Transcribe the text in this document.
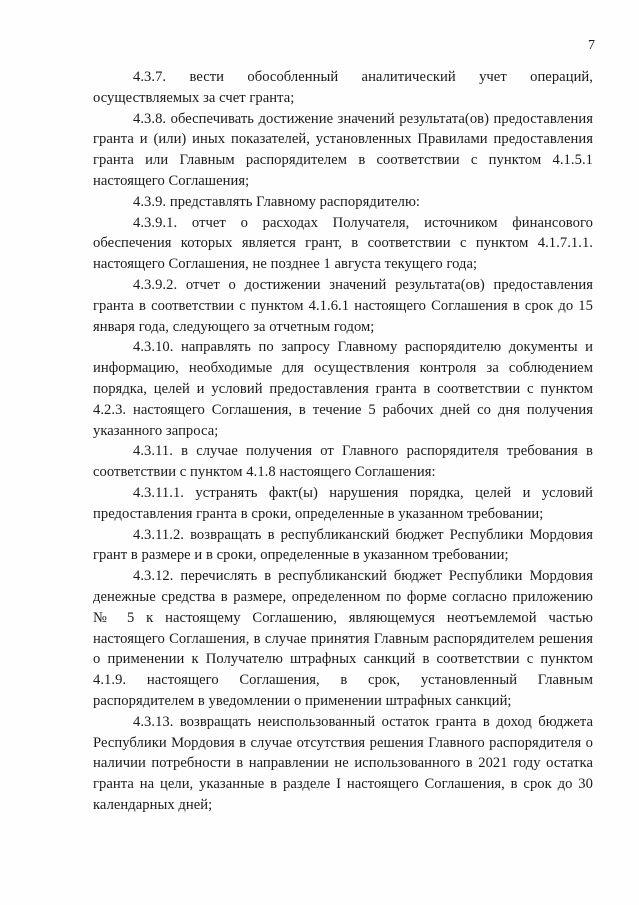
7

4.3.7. вести обособленный аналитический учет операций, осуществляемых за счет гранта;

4.3.8. обеспечивать достижение значений результата(ов) предоставления гранта и (или) иных показателей, установленных Правилами предоставления гранта или Главным распорядителем в соответствии с пунктом 4.1.5.1 настоящего Соглашения;

4.3.9. представлять Главному распорядителю:

4.3.9.1. отчет о расходах Получателя, источником финансового обеспечения которых является грант, в соответствии с пунктом 4.1.7.1.1. настоящего Соглашения, не позднее 1 августа текущего года;

4.3.9.2. отчет о достижении значений результата(ов) предоставления гранта в соответствии с пунктом 4.1.6.1 настоящего Соглашения в срок до 15 января года, следующего за отчетным годом;

4.3.10. направлять по запросу Главному распорядителю документы и информацию, необходимые для осуществления контроля за соблюдением порядка, целей и условий предоставления гранта в соответствии с пунктом 4.2.3. настоящего Соглашения, в течение 5 рабочих дней со дня получения указанного запроса;

4.3.11. в случае получения от Главного распорядителя требования в соответствии с пунктом 4.1.8 настоящего Соглашения:

4.3.11.1. устранять факт(ы) нарушения порядка, целей и условий предоставления гранта в сроки, определенные в указанном требовании;

4.3.11.2. возвращать в республиканский бюджет Республики Мордовия грант в размере и в сроки, определенные в указанном требовании;

4.3.12. перечислять в республиканский бюджет Республики Мордовия денежные средства в размере, определенном по форме согласно приложению № 5 к настоящему Соглашению, являющемуся неотъемлемой частью настоящего Соглашения, в случае принятия Главным распорядителем решения о применении к Получателю штрафных санкций в соответствии с пунктом 4.1.9. настоящего Соглашения, в срок, установленный Главным распорядителем в уведомлении о применении штрафных санкций;

4.3.13. возвращать неиспользованный остаток гранта в доход бюджета Республики Мордовия в случае отсутствия решения Главного распорядителя о наличии потребности в направлении не использованного в 2021 году остатка гранта на цели, указанные в разделе I настоящего Соглашения, в срок до 30 календарных дней;
